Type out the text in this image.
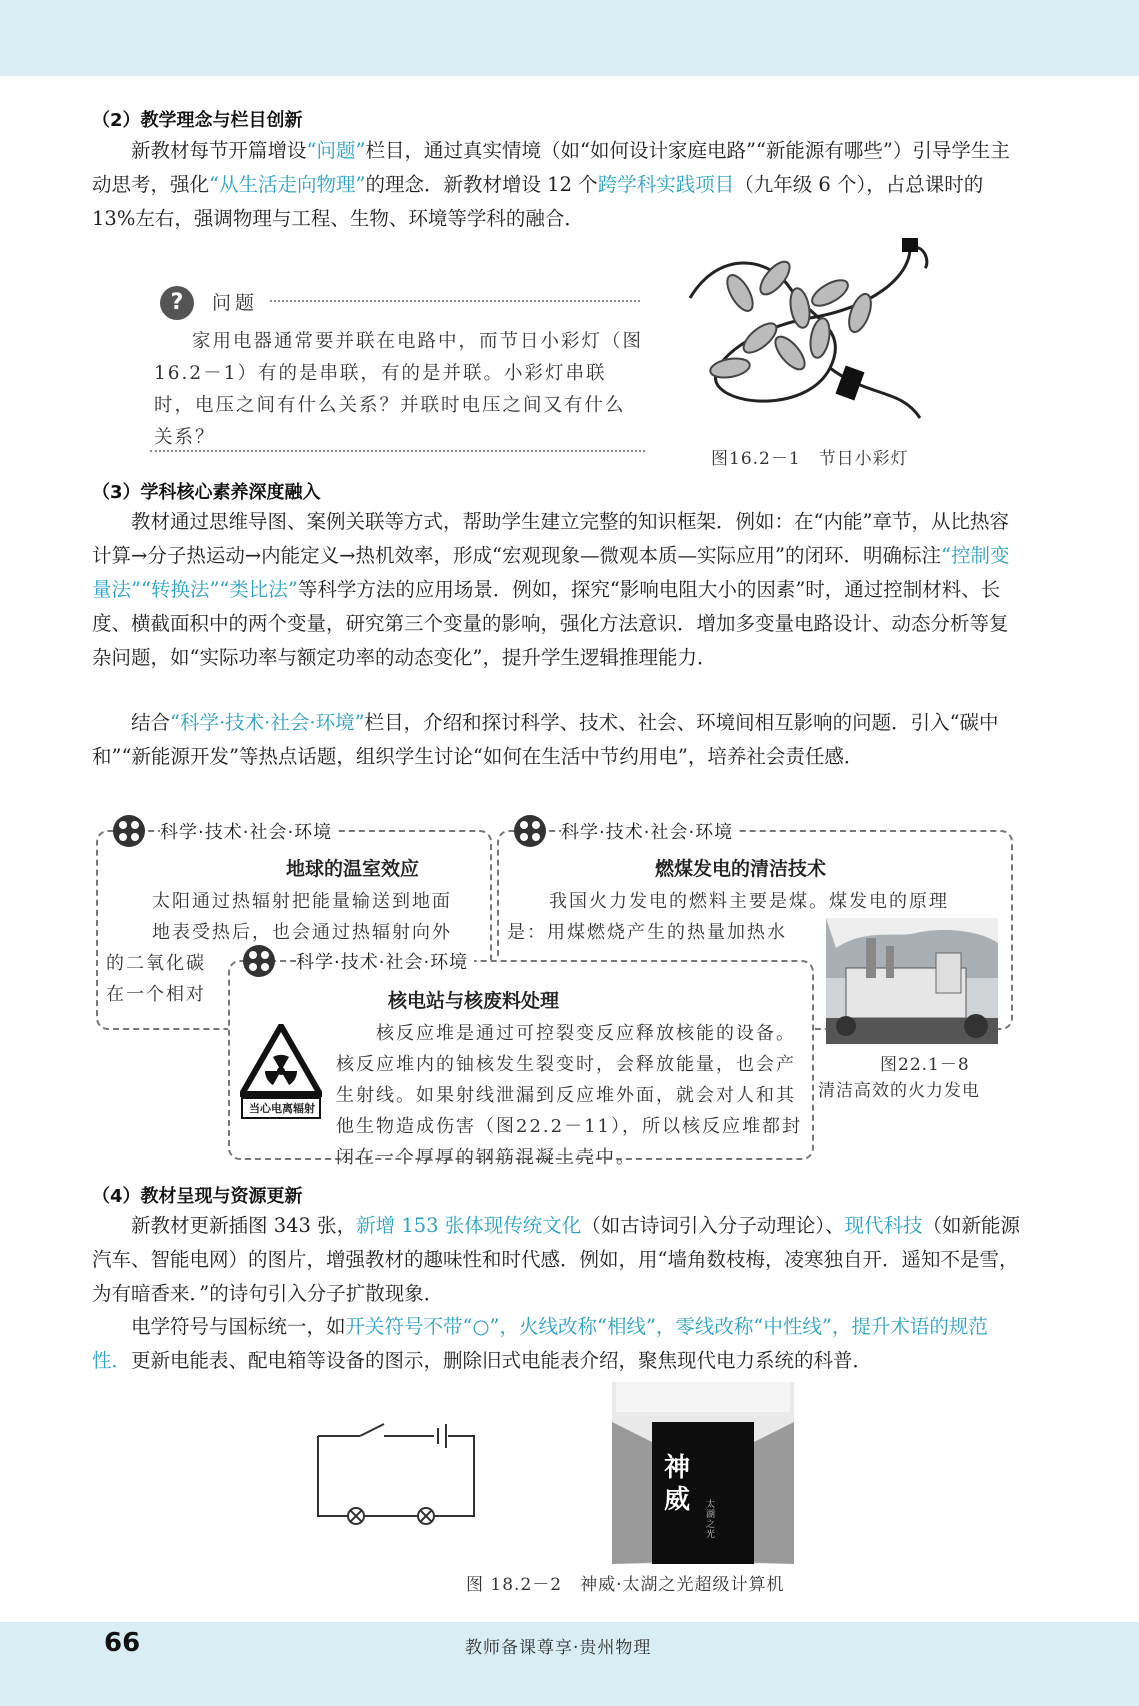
（2）教学理念与栏目创新
新教材每节开篇增设“问题”栏目，通过真实情境（如“如何设计家庭电路”“新能源有哪些”）引导学生主动思考，强化“从生活走向物理”的理念．新教材增设 12 个跨学科实践项目（九年级 6 个），占总课时的 13%左右，强调物理与工程、生物、环境等学科的融合．
?	问题
家用电器通常要并联在电路中，而节日小彩灯（图16.2－1）有的是串联，有的是并联。小彩灯串联时，电压之间有什么关系？并联时电压之间又有什么关系？
图16.2－1　节日小彩灯
（3）学科核心素养深度融入
教材通过思维导图、案例关联等方式，帮助学生建立完整的知识框架．例如：在“内能”章节，从比热容计算→分子热运动→内能定义→热机效率，形成“宏观现象—微观本质—实际应用”的闭环．明确标注“控制变量法”“转换法”“类比法”等科学方法的应用场景．例如，探究“影响电阻大小的因素”时，通过控制材料、长度、横截面积中的两个变量，研究第三个变量的影响，强化方法意识．增加多变量电路设计、动态分析等复杂问题，如“实际功率与额定功率的动态变化”，提升学生逻辑推理能力．
结合“科学·技术·社会·环境”栏目，介绍和探讨科学、技术、社会、环境间相互影响的问题．引入“碳中和”“新能源开发”等热点话题，组织学生讨论“如何在生活中节约用电”，培养社会责任感．
科学·技术·社会·环境
地球的温室效应
太阳通过热辐射把能量输送到地面
地表受热后，也会通过热辐射向外
的二氧化碳
在一个相对
科学·技术·社会·环境
燃煤发电的清洁技术
我国火力发电的燃料主要是煤。煤发电的原理
是：用煤燃烧产生的热量加热水
图22.1－8
清洁高效的火力发电
科学·技术·社会·环境
核电站与核废料处理
当心电离辐射
核反应堆是通过可控裂变反应释放核能的设备。核反应堆内的铀核发生裂变时，会释放能量，也会产生射线。如果射线泄漏到反应堆外面，就会对人和其他生物造成伤害（图22.2－11），所以核反应堆都封闭在一个厚厚的钢筋混凝土壳中。
（4）教材呈现与资源更新
新教材更新插图 343 张，新增 153 张体现传统文化（如古诗词引入分子动理论）、现代科技（如新能源汽车、智能电网）的图片，增强教材的趣味性和时代感．例如，用“墙角数枝梅，凌寒独自开．遥知不是雪，为有暗香来．”的诗句引入分子扩散现象．
电学符号与国标统一，如开关符号不带“○”，火线改称“相线”，零线改称“中性线”，提升术语的规范性．更新电能表、配电箱等设备的图示，删除旧式电能表介绍，聚焦现代电力系统的科普．
神威	太湖之光
图 18.2－2　神威·太湖之光超级计算机
66	教师备课尊享·贵州物理
